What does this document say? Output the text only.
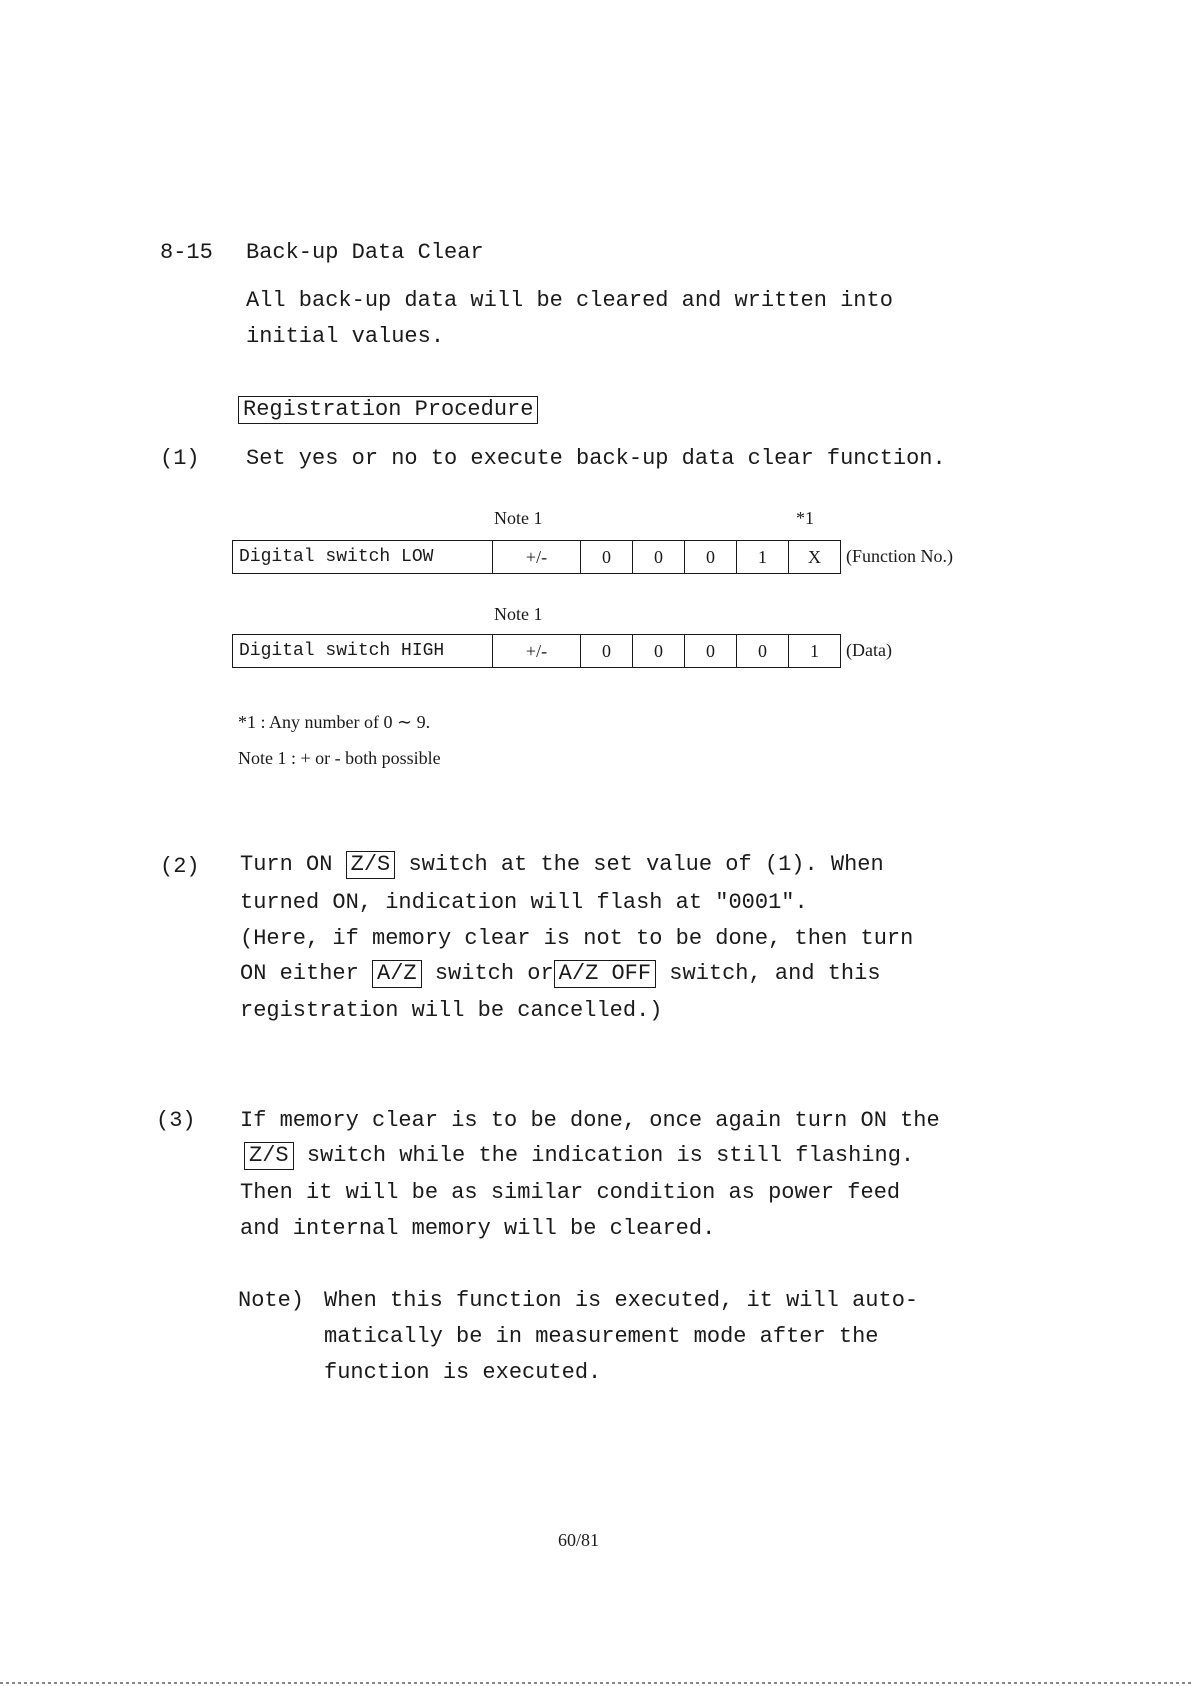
8-15 Back-up Data Clear
All back-up data will be cleared and written into
initial values.
Registration Procedure
(1) Set yes or no to execute back-up data clear function.
Note 1	*1
Digital switch LOW	+/-	0	0	0	1	X	(Function No.)
Note 1
Digital switch HIGH	+/-	0	0	0	0	1	(Data)
*1 : Any number of 0 ∼ 9.
Note 1 : + or - both possible
(2) Turn ON Z/S switch at the set value of (1). When
turned ON, indication will flash at "0001".
(Here, if memory clear is not to be done, then turn
ON either A/Z switch or A/Z OFF switch, and this
registration will be cancelled.)
(3) If memory clear is to be done, once again turn ON the
Z/S switch while the indication is still flashing.
Then it will be as similar condition as power feed
and internal memory will be cleared.
Note) When this function is executed, it will auto-
matically be in measurement mode after the
function is executed.
60/81
